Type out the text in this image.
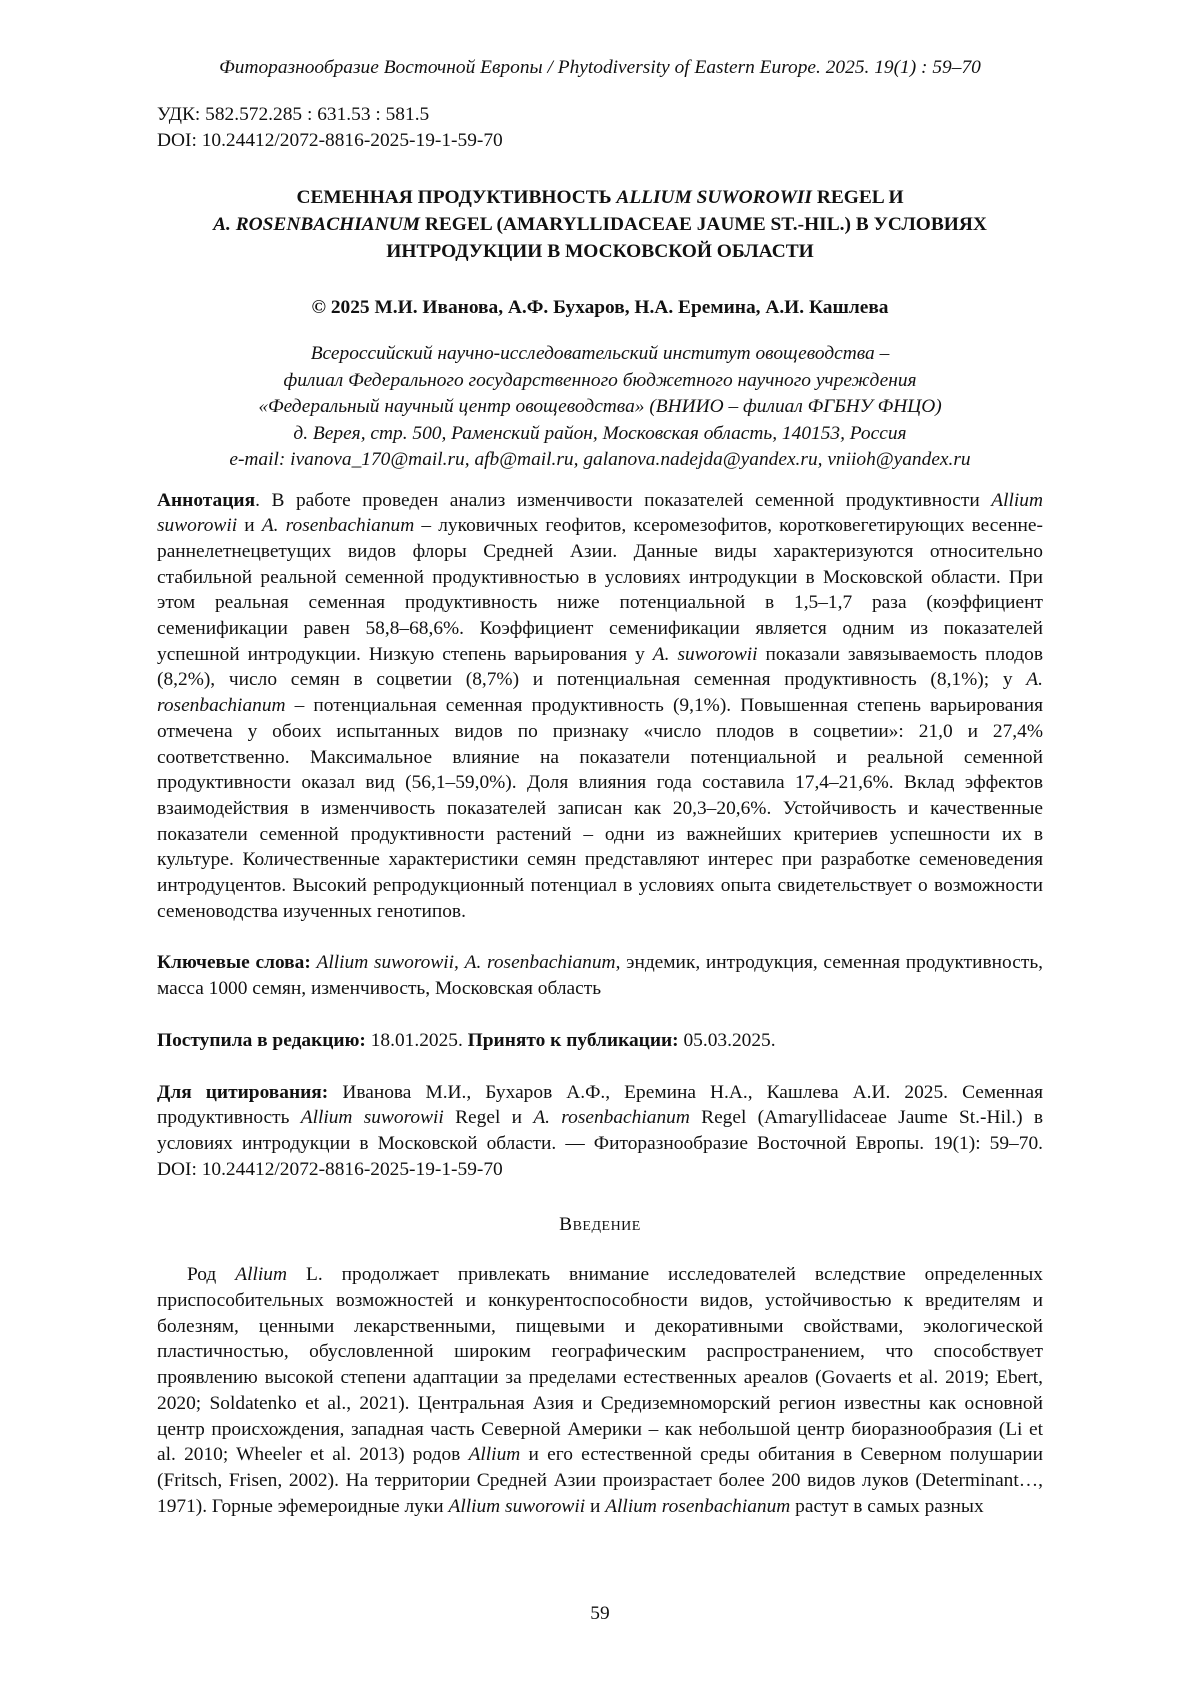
Фиторазнообразие Восточной Европы / Phytodiversity of Eastern Europe. 2025. 19(1) : 59–70
УДК: 582.572.285 : 631.53 : 581.5
DOI: 10.24412/2072-8816-2025-19-1-59-70
СЕМЕННАЯ ПРОДУКТИВНОСТЬ ALLIUM SUWOROWII REGEL И
A. ROSENBACHIANUM REGEL (AMARYLLIDACEAE JAUME ST.-HIL.) В УСЛОВИЯХ
ИНТРОДУКЦИИ В МОСКОВСКОЙ ОБЛАСТИ
© 2025 М.И. Иванова, А.Ф. Бухаров, Н.А. Еремина, А.И. Кашлева
Всероссийский научно-исследовательский институт овощеводства –
филиал Федерального государственного бюджетного научного учреждения
«Федеральный научный центр овощеводства» (ВНИИО – филиал ФГБНУ ФНЦО)
д. Верея, стр. 500, Раменский район, Московская область, 140153, Россия
e-mail: ivanova_170@mail.ru, afb@mail.ru, galanova.nadejda@yandex.ru, vniioh@yandex.ru

Аннотация. В работе проведен анализ изменчивости показателей семенной продуктивности Allium suworowii и A. rosenbachianum – луковичных геофитов, ксеромезофитов, коротковегетирующих весенне-раннелетнецветущих видов флоры Средней Азии. Данные виды характеризуются относительно стабильной реальной семенной продуктивностью в условиях интродукции в Московской области. При этом реальная семенная продуктивность ниже потенциальной в 1,5–1,7 раза (коэффициент семенификации равен 58,8–68,6%. Коэффициент семенификации является одним из показателей успешной интродукции. Низкую степень варьирования у A. suworowii показали завязываемость плодов (8,2%), число семян в соцветии (8,7%) и потенциальная семенная продуктивность (8,1%); у A. rosenbachianum – потенциальная семенная продуктивность (9,1%). Повышенная степень варьирования отмечена у обоих испытанных видов по признаку «число плодов в соцветии»: 21,0 и 27,4% соответственно. Максимальное влияние на показатели потенциальной и реальной семенной продуктивности оказал вид (56,1–59,0%). Доля влияния года составила 17,4–21,6%. Вклад эффектов взаимодействия в изменчивость показателей записан как 20,3–20,6%. Устойчивость и качественные показатели семенной продуктивности растений – одни из важнейших критериев успешности их в культуре. Количественные характеристики семян представляют интерес при разработке семеноведения интродуцентов. Высокий репродукционный потенциал в условиях опыта свидетельствует о возможности семеноводства изученных генотипов.

Ключевые слова: Allium suworowii, A. rosenbachianum, эндемик, интродукция, семенная продуктивность, масса 1000 семян, изменчивость, Московская область

Поступила в редакцию: 18.01.2025. Принято к публикации: 05.03.2025.

Для цитирования: Иванова М.И., Бухаров А.Ф., Еремина Н.А., Кашлева А.И. 2025. Семенная продуктивность Allium suworowii Regel и A. rosenbachianum Regel (Amaryllidaceae Jaume St.-Hil.) в условиях интродукции в Московской области. — Фиторазнообразие Восточной Европы. 19(1): 59–70. DOI: 10.24412/2072-8816-2025-19-1-59-70

Введение

Род Allium L. продолжает привлекать внимание исследователей вследствие определенных приспособительных возможностей и конкурентоспособности видов, устойчивостью к вредителям и болезням, ценными лекарственными, пищевыми и декоративными свойствами, экологической пластичностью, обусловленной широким географическим распространением, что способствует проявлению высокой степени адаптации за пределами естественных ареалов (Govaerts et al. 2019; Ebert, 2020; Soldatenko et al., 2021). Центральная Азия и Средиземноморский регион известны как основной центр происхождения, западная часть Северной Америки – как небольшой центр биоразнообразия (Li et al. 2010; Wheeler et al. 2013) родов Allium и его естественной среды обитания в Северном полушарии (Fritsch, Frisen, 2002). На территории Средней Азии произрастает более 200 видов луков (Determinant…, 1971). Горные эфемероидные луки Allium suworowii и Allium rosenbachianum растут в самых разных

59
